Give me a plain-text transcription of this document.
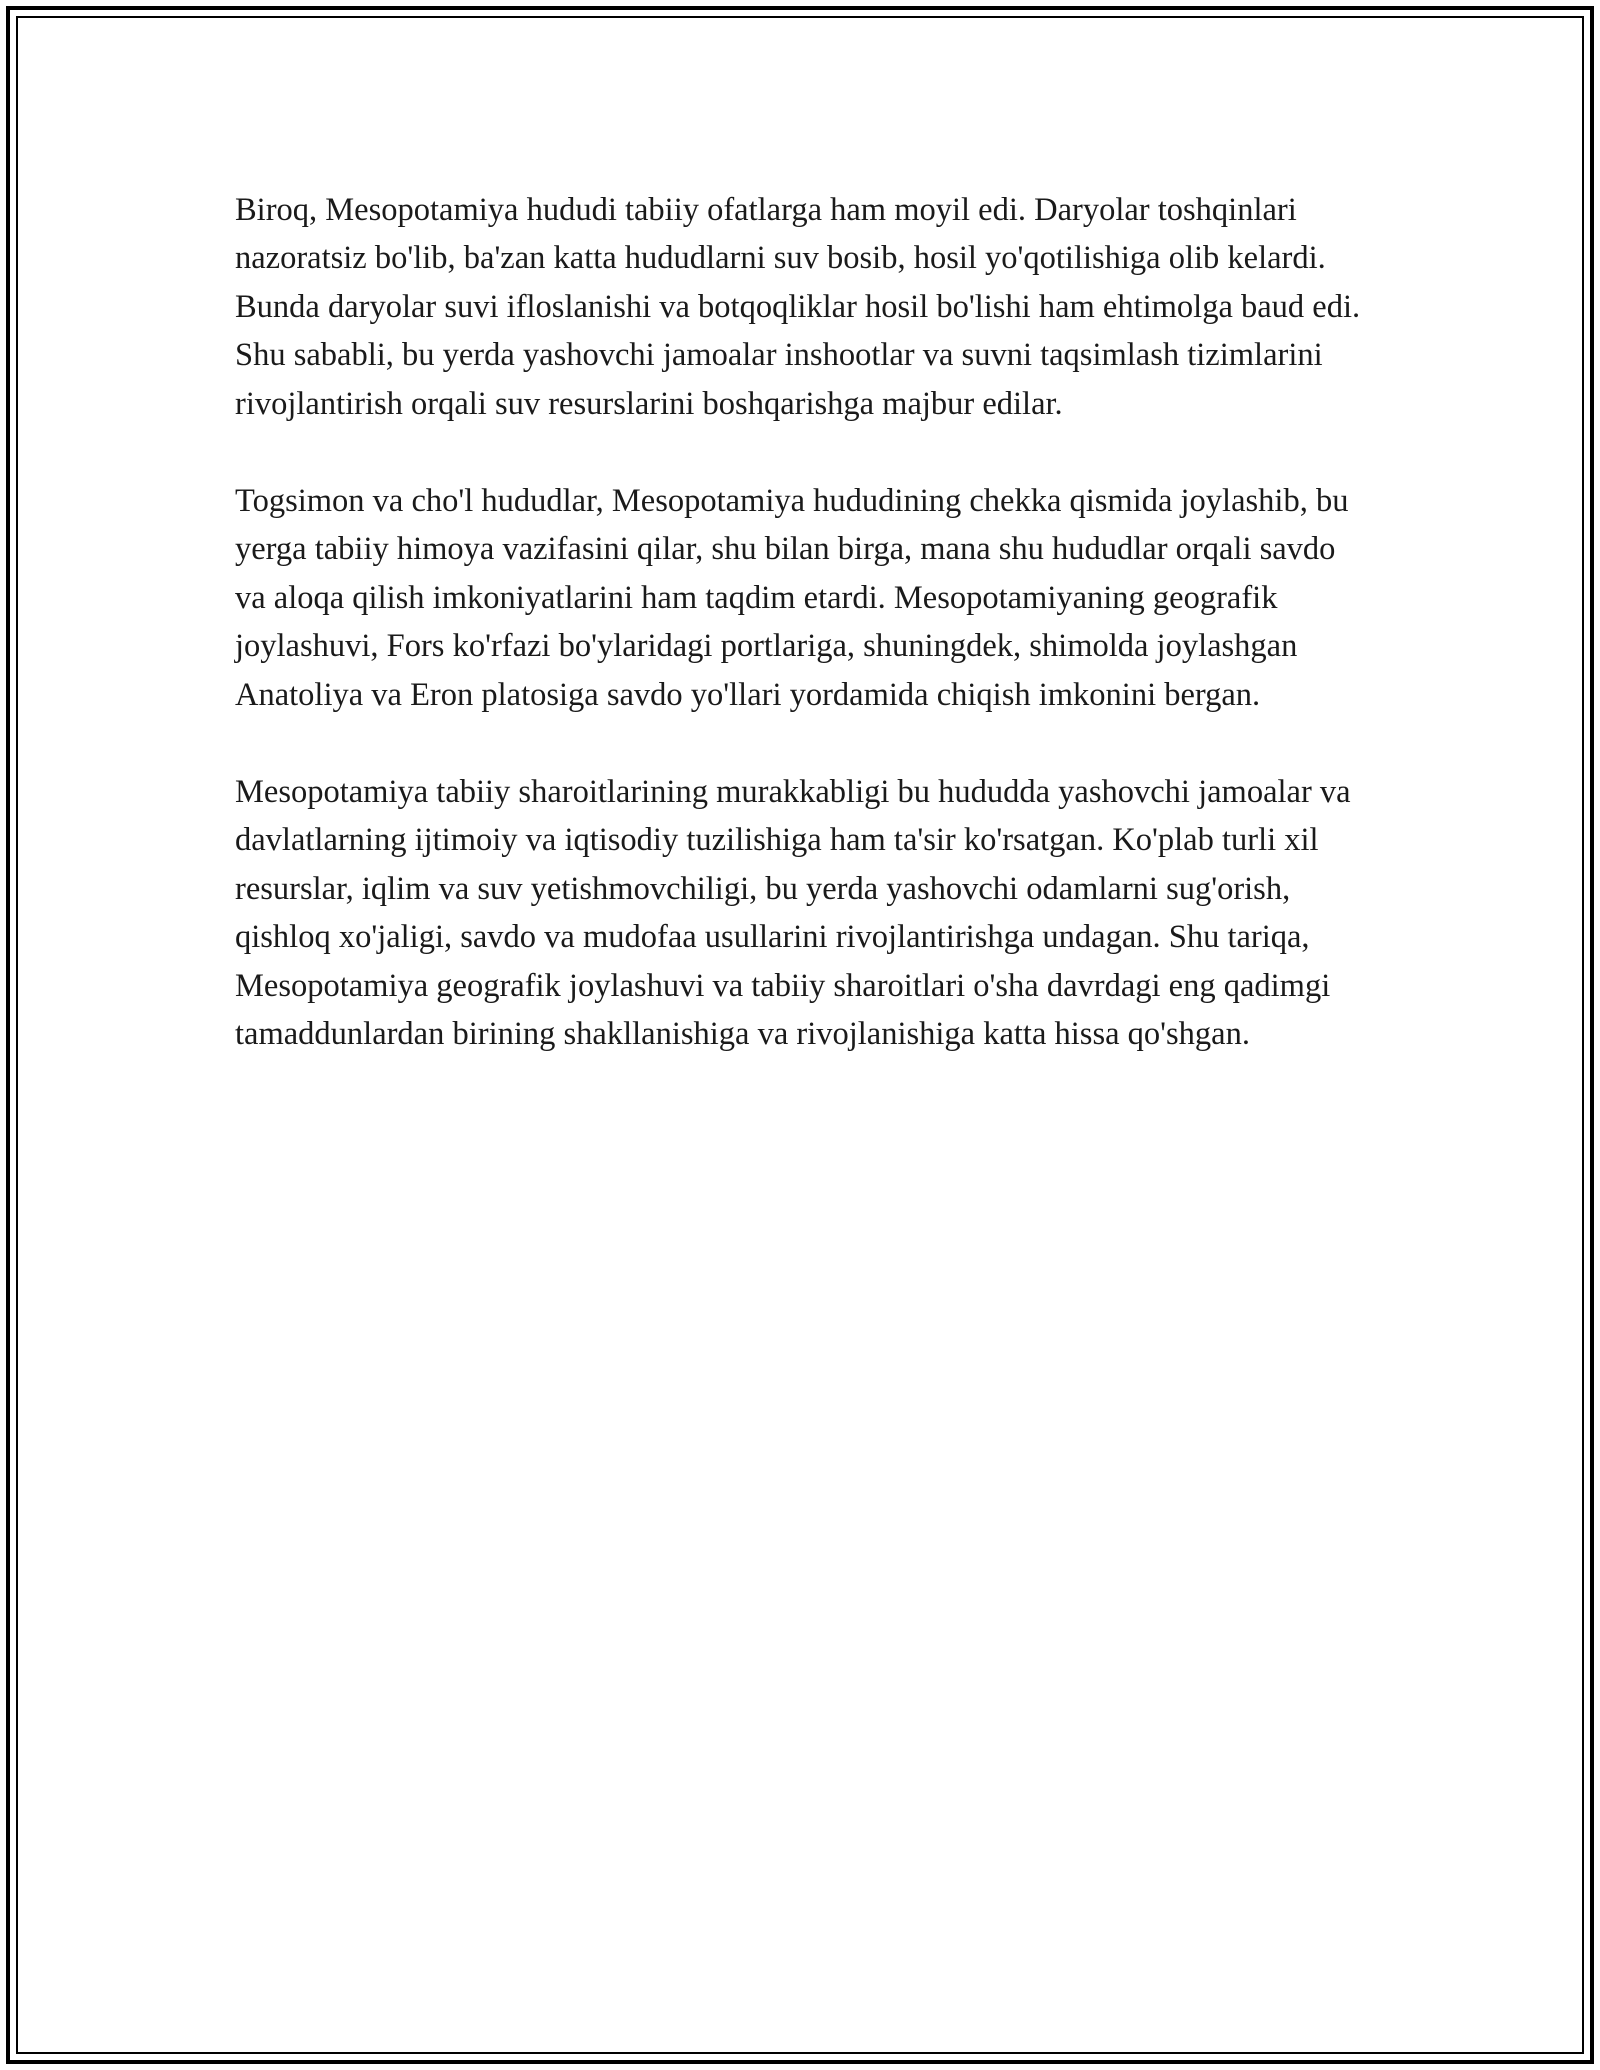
Biroq, Mesopotamiya hududi tabiiy ofatlarga ham moyil edi. Daryolar toshqinlari nazoratsiz bo'lib, ba'zan katta hududlarni suv bosib, hosil yo'qotilishiga olib kelardi. Bunda daryolar suvi ifloslanishi va botqoqliklar hosil bo'lishi ham ehtimolga baud edi. Shu sababli, bu yerda yashovchi jamoalar inshootlar va suvni taqsimlash tizimlarini rivojlantirish orqali suv resurslarini boshqarishga majbur edilar.

Togsimon va cho'l hududlar, Mesopotamiya hududining chekka qismida joylashib, bu yerga tabiiy himoya vazifasini qilar, shu bilan birga, mana shu hududlar orqali savdo va aloqa qilish imkoniyatlarini ham taqdim etardi. Mesopotamiyaning geografik joylashuvi, Fors ko'rfazi bo'ylaridagi portlariga, shuningdek, shimolda joylashgan Anatoliya va Eron platosiga savdo yo'llari yordamida chiqish imkonini bergan.

Mesopotamiya tabiiy sharoitlarining murakkabligi bu hududda yashovchi jamoalar va davlatlarning ijtimoiy va iqtisodiy tuzilishiga ham ta'sir ko'rsatgan. Ko'plab turli xil resurslar, iqlim va suv yetishmovchiligi, bu yerda yashovchi odamlarni sug'orish, qishloq xo'jaligi, savdo va mudofaa usullarini rivojlantirishga undagan. Shu tariqa, Mesopotamiya geografik joylashuvi va tabiiy sharoitlari o'sha davrdagi eng qadimgi tamaddunlardan birining shakllanishiga va rivojlanishiga katta hissa qo'shgan.
